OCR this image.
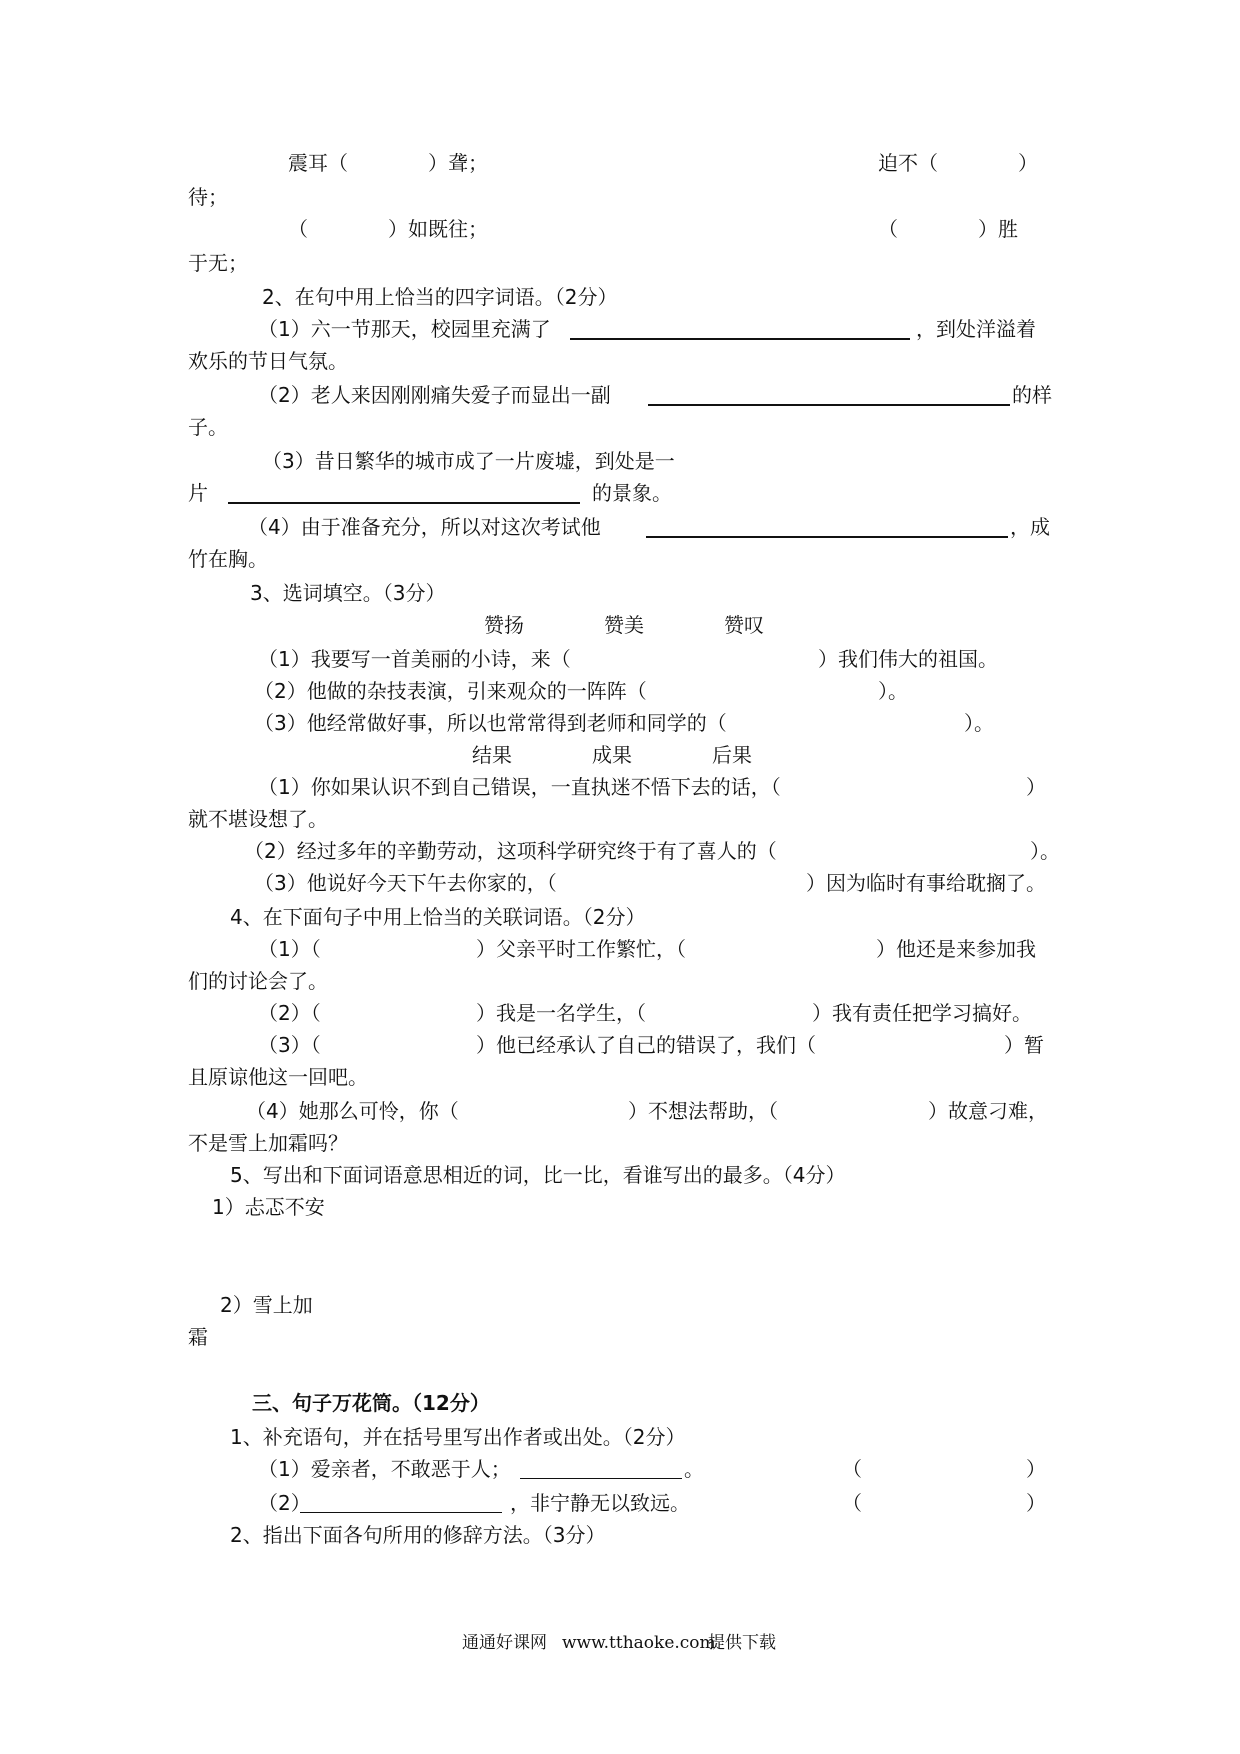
震耳（　　　　）聋；	迫不（　　　　）
待；
（　　　　）如既往；	（　　　　）胜
于无；
2、在句中用上恰当的四字词语。（2分）
（1）六一节那天，校园里充满了	，到处洋溢着
欢乐的节日气氛。
（2）老人来因刚刚痛失爱子而显出一副	的样
子。
（3）昔日繁华的城市成了一片废墟，到处是一
片	的景象。
（4）由于准备充分，所以对这次考试他	，成
竹在胸。
3、选词填空。（3分）
赞扬	赞美	赞叹
（1）我要写一首美丽的小诗，来（	）我们伟大的祖国。
（2）他做的杂技表演，引来观众的一阵阵（	）。
（3）他经常做好事，所以也常常得到老师和同学的（	）。
结果	成果	后果
（1）你如果认识不到自己错误，一直执迷不悟下去的话，（	）
就不堪设想了。
（2）经过多年的辛勤劳动，这项科学研究终于有了喜人的（	）。
（3）他说好今天下午去你家的，（	）因为临时有事给耽搁了。
4、在下面句子中用上恰当的关联词语。（2分）
（1）（	）父亲平时工作繁忙，（	）他还是来参加我
们的讨论会了。
（2）（	）我是一名学生，（	）我有责任把学习搞好。
（3）（	）他已经承认了自己的错误了，我们（	）暂
且原谅他这一回吧。
（4）她那么可怜，你（	）不想法帮助，（	）故意刁难，
不是雪上加霜吗？
5、写出和下面词语意思相近的词，比一比，看谁写出的最多。（4分）
1）忐忑不安
2）雪上加
霜
三、句子万花筒。（12分）
1、补充语句，并在括号里写出作者或出处。（2分）
（1）爱亲者，不敢恶于人；	。	（	）
（2）	，非宁静无以致远。	（	）
2、指出下面各句所用的修辞方法。（3分）
通通好课网 www.tthaoke.com
提供下载
